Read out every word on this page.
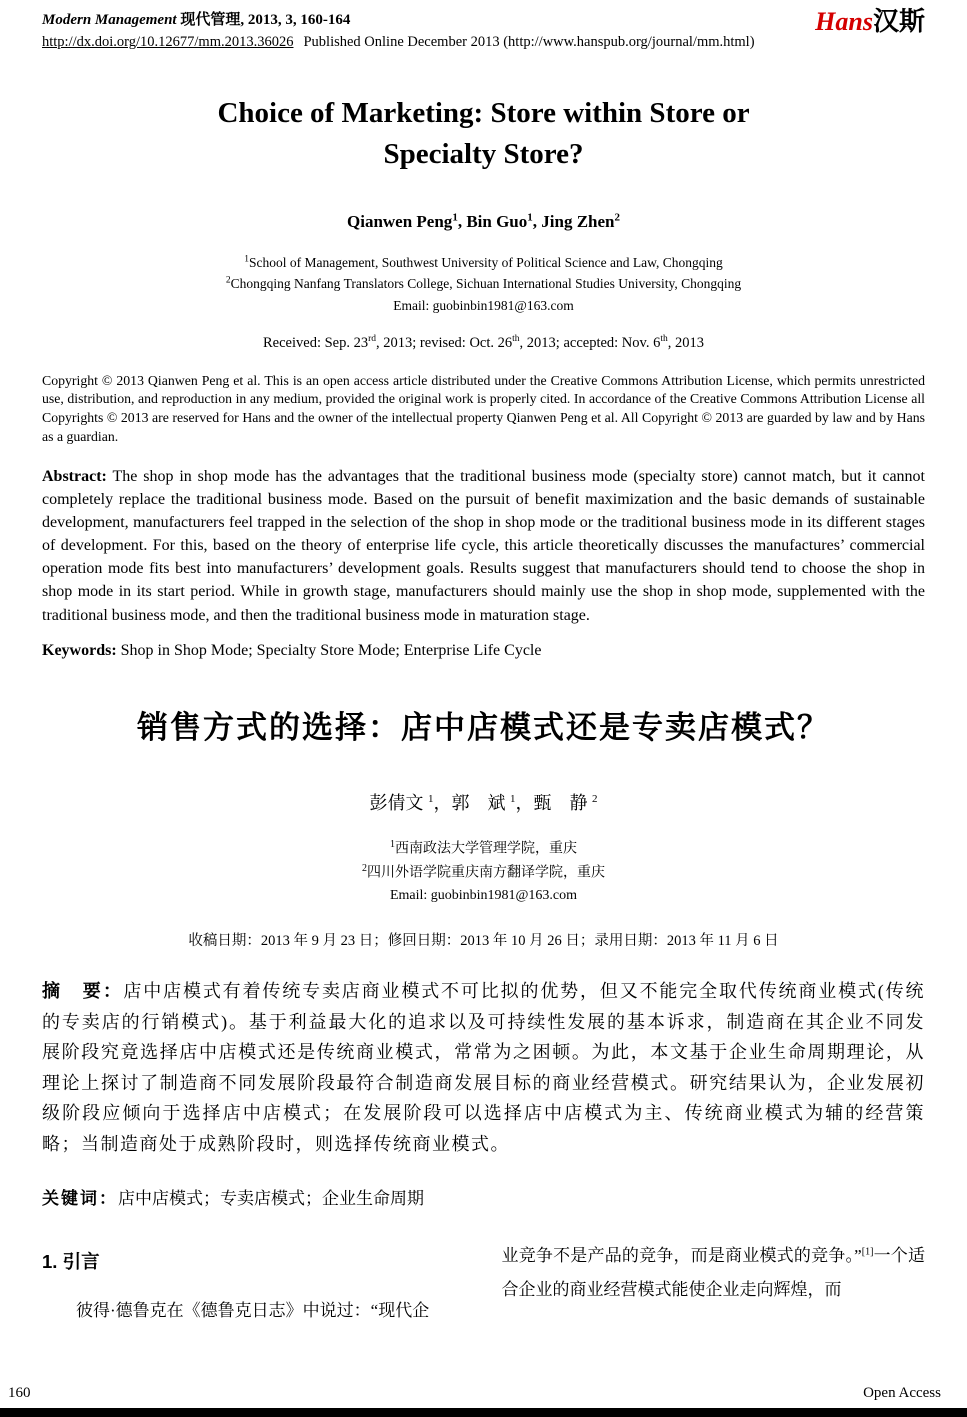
Modern Management 现代管理, 2013, 3, 160-164
http://dx.doi.org/10.12677/mm.2013.36026 Published Online December 2013 (http://www.hanspub.org/journal/mm.html)
Hans汉斯
Choice of Marketing: Store within Store or
Specialty Store?
Qianwen Peng$^1$, Bin Guo$^1$, Jing Zhen$^2$
$^1$School of Management, Southwest University of Political Science and Law, Chongqing
$^2$Chongqing Nanfang Translators College, Sichuan International Studies University, Chongqing
Email: guobinbin1981@163.com
Received: Sep. 23rd, 2013; revised: Oct. 26th, 2013; accepted: Nov. 6th, 2013
Copyright © 2013 Qianwen Peng et al. This is an open access article distributed under the Creative Commons Attribution License, which permits unrestricted use, distribution, and reproduction in any medium, provided the original work is properly cited. In accordance of the Creative Commons Attribution License all Copyrights © 2013 are reserved for Hans and the owner of the intellectual property Qianwen Peng et al. All Copyright © 2013 are guarded by law and by Hans as a guardian.
Abstract: The shop in shop mode has the advantages that the traditional business mode (specialty store) cannot match, but it cannot completely replace the traditional business mode. Based on the pursuit of benefit maximization and the basic demands of sustainable development, manufacturers feel trapped in the selection of the shop in shop mode or the traditional business mode in its different stages of development. For this, based on the theory of enterprise life cycle, this article theoretically discusses the manufactures’ commercial operation mode fits best into manufacturers’ development goals. Results suggest that manufacturers should tend to choose the shop in shop mode in its start period. While in growth stage, manufacturers should mainly use the shop in shop mode, supplemented with the traditional business mode, and then the traditional business mode in maturation stage.
Keywords: Shop in Shop Mode; Specialty Store Mode; Enterprise Life Cycle
销售方式的选择：店中店模式还是专卖店模式？
彭倩文 $^1$，郭　斌 $^1$，甄　静 $^2$
$^1$西南政法大学管理学院，重庆
$^2$四川外语学院重庆南方翻译学院，重庆
Email: guobinbin1981@163.com
收稿日期：2013 年 9 月 23 日；修回日期：2013 年 10 月 26 日；录用日期：2013 年 11 月 6 日
摘　要：店中店模式有着传统专卖店商业模式不可比拟的优势，但又不能完全取代传统商业模式(传统的专卖店的行销模式)。基于利益最大化的追求以及可持续性发展的基本诉求，制造商在其企业不同发展阶段究竟选择店中店模式还是传统商业模式，常常为之困顿。为此，本文基于企业生命周期理论，从理论上探讨了制造商不同发展阶段最符合制造商发展目标的商业经营模式。研究结果认为，企业发展初级阶段应倾向于选择店中店模式；在发展阶段可以选择店中店模式为主、传统商业模式为辅的经营策略；当制造商处于成熟阶段时，则选择传统商业模式。
关键词：店中店模式；专卖店模式；企业生命周期
1. 引言

彼得·德鲁克在《德鲁克日志》中说过：“现代企

业竞争不是产品的竞争，而是商业模式的竞争。”[1]一个适合企业的商业经营模式能使企业走向辉煌，而

160	Open Access
